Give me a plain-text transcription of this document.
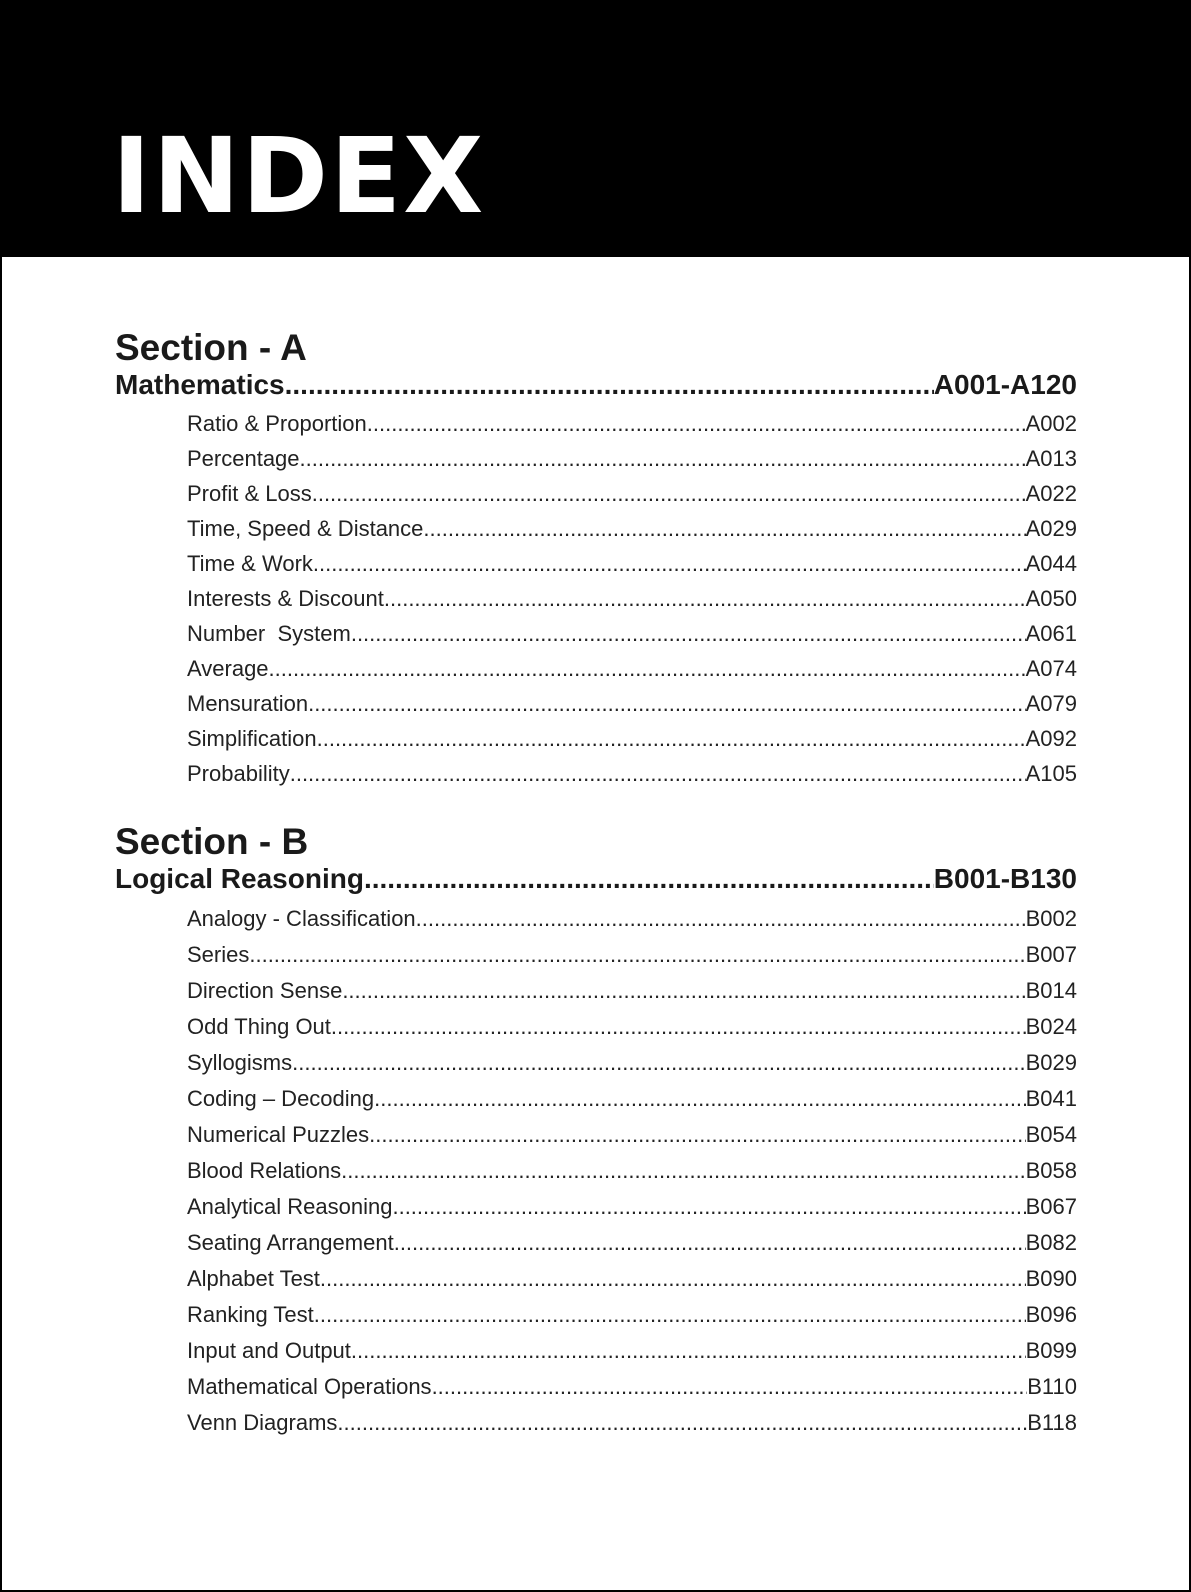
INDEX
Section - A
Mathematics .....	A001-A120
Ratio & Proportion .....	A002
Percentage .....	A013
Profit & Loss .....	A022
Time, Speed & Distance .....	A029
Time & Work .....	A044
Interests & Discount .....	A050
Number  System .....	A061
Average .....	A074
Mensuration .....	A079
Simplification .....	A092
Probability .....	A105
Section - B
Logical Reasoning .....	B001-B130
Analogy - Classification .....	B002
Series .....	B007
Direction Sense .....	B014
Odd Thing Out .....	B024
Syllogisms .....	B029
Coding – Decoding .....	B041
Numerical Puzzles .....	B054
Blood Relations .....	B058
Analytical Reasoning .....	B067
Seating Arrangement .....	B082
Alphabet Test .....	B090
Ranking Test .....	B096
Input and Output .....	B099
Mathematical Operations .....	B110
Venn Diagrams .....	B118
